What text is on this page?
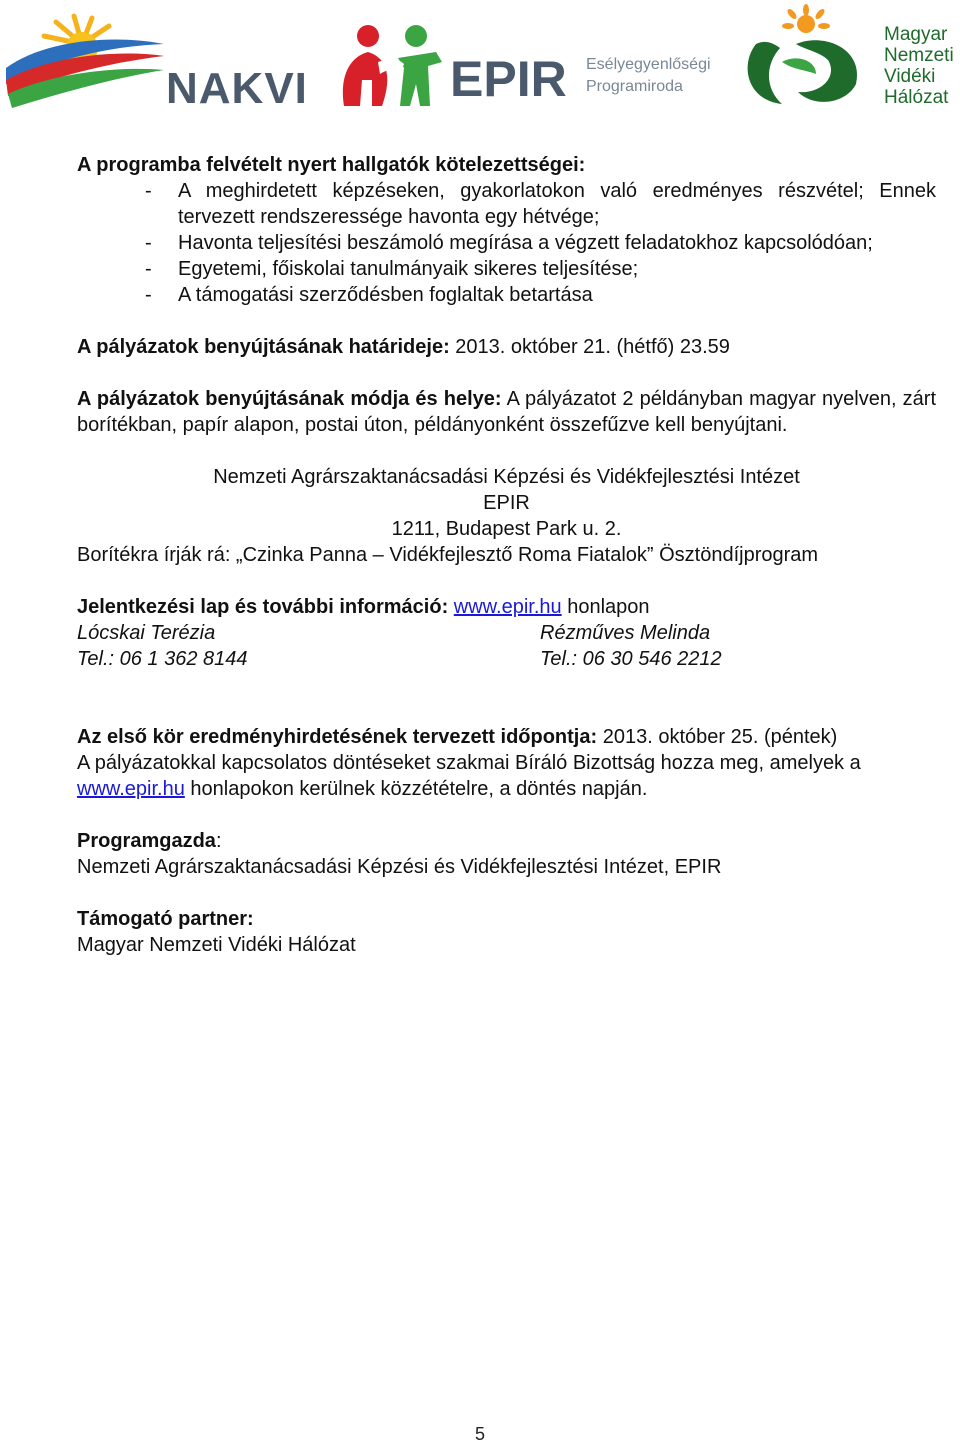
NAKVI	EPIR Esélyegyenlőségi

Programiroda

Magyar

Nemzeti

Vidéki

Hálózat

A programba felvételt nyert hallgatók kötelezettségei:

- A meghirdetett képzéseken, gyakorlatokon való eredményes részvétel; Ennek tervezett rendszeressége havonta egy hétvége;
- Havonta teljesítési beszámoló megírása a végzett feladatokhoz kapcsolódóan;
- Egyetemi, főiskolai tanulmányaik sikeres teljesítése;
- A támogatási szerződésben foglaltak betartása

A pályázatok benyújtásának határideje: 2013. október 21. (hétfő) 23.59

A pályázatok benyújtásának módja és helye: A pályázatot 2 példányban magyar nyelven, zárt borítékban, papír alapon, postai úton, példányonként összefűzve kell benyújtani.

Nemzeti Agrárszaktanácsadási Képzési és Vidékfejlesztési Intézet

EPIR

1211, Budapest Park u. 2.

Borítékra írják rá: „Czinka Panna – Vidékfejlesztő Roma Fiatalok” Ösztöndíjprogram

Jelentkezési lap és további információ: www.epir.hu honlapon

Lócskai Terézia

Tel.: 06 1 362 8144

Rézműves Melinda

Tel.: 06 30 546 2212

Az első kör eredményhirdetésének tervezett időpontja: 2013. október 25. (péntek)

A pályázatokkal kapcsolatos döntéseket szakmai Bíráló Bizottság hozza meg, amelyek a

www.epir.hu honlapokon kerülnek közzétételre, a döntés napján.

Programgazda:

Nemzeti Agrárszaktanácsadási Képzési és Vidékfejlesztési Intézet, EPIR

Támogató partner:

Magyar Nemzeti Vidéki Hálózat

5
